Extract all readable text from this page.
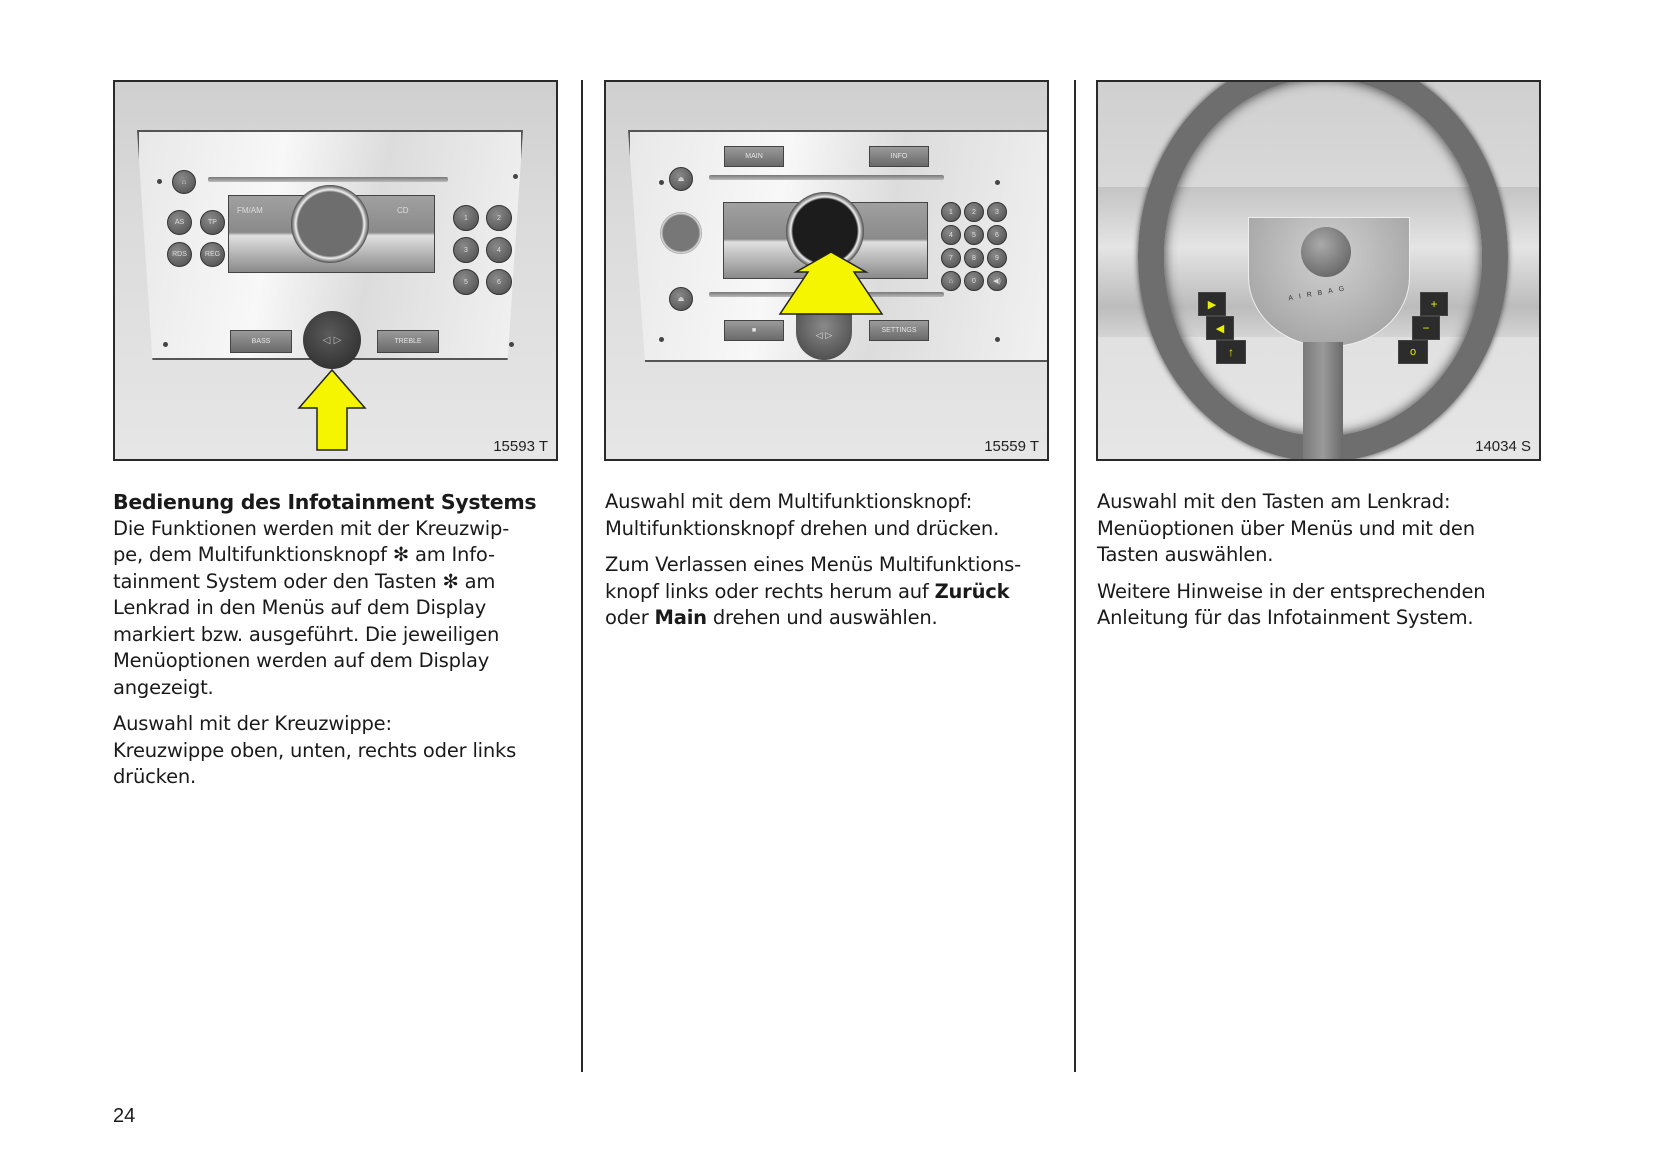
⌂
AS	TP
RDS	REG
FM/AM	CD
1	2
3	4
5	6
BASS	TREBLE
◁ ▷
15593 T
MAIN	INFO
⏏
⏏
■	SETTINGS
◁ ▷
1	2	3
4	5	6
7	8	9
⌂	0	◀)
15559 T
AIRBAG
▶
◀
↑
+
−
o
14034 S
Bedienung des Infotainment Systems

Die Funktionen werden mit der Kreuzwip-
pe, dem Multifunktionsknopf ✻ am Info-
tainment System oder den Tasten ✻ am
Lenkrad in den Menüs auf dem Display
markiert bzw. ausgeführt. Die jeweiligen
Menüoptionen werden auf dem Display
angezeigt.

Auswahl mit der Kreuzwippe:
Kreuzwippe oben, unten, rechts oder links
drücken.

Auswahl mit dem Multifunktionsknopf:
Multifunktionsknopf drehen und drücken.

Zum Verlassen eines Menüs Multifunktions-
knopf links oder rechts herum auf Zurück
oder Main drehen und auswählen.

Auswahl mit den Tasten am Lenkrad:
Menüoptionen über Menüs und mit den
Tasten auswählen.

Weitere Hinweise in der entsprechenden
Anleitung für das Infotainment System.

24
